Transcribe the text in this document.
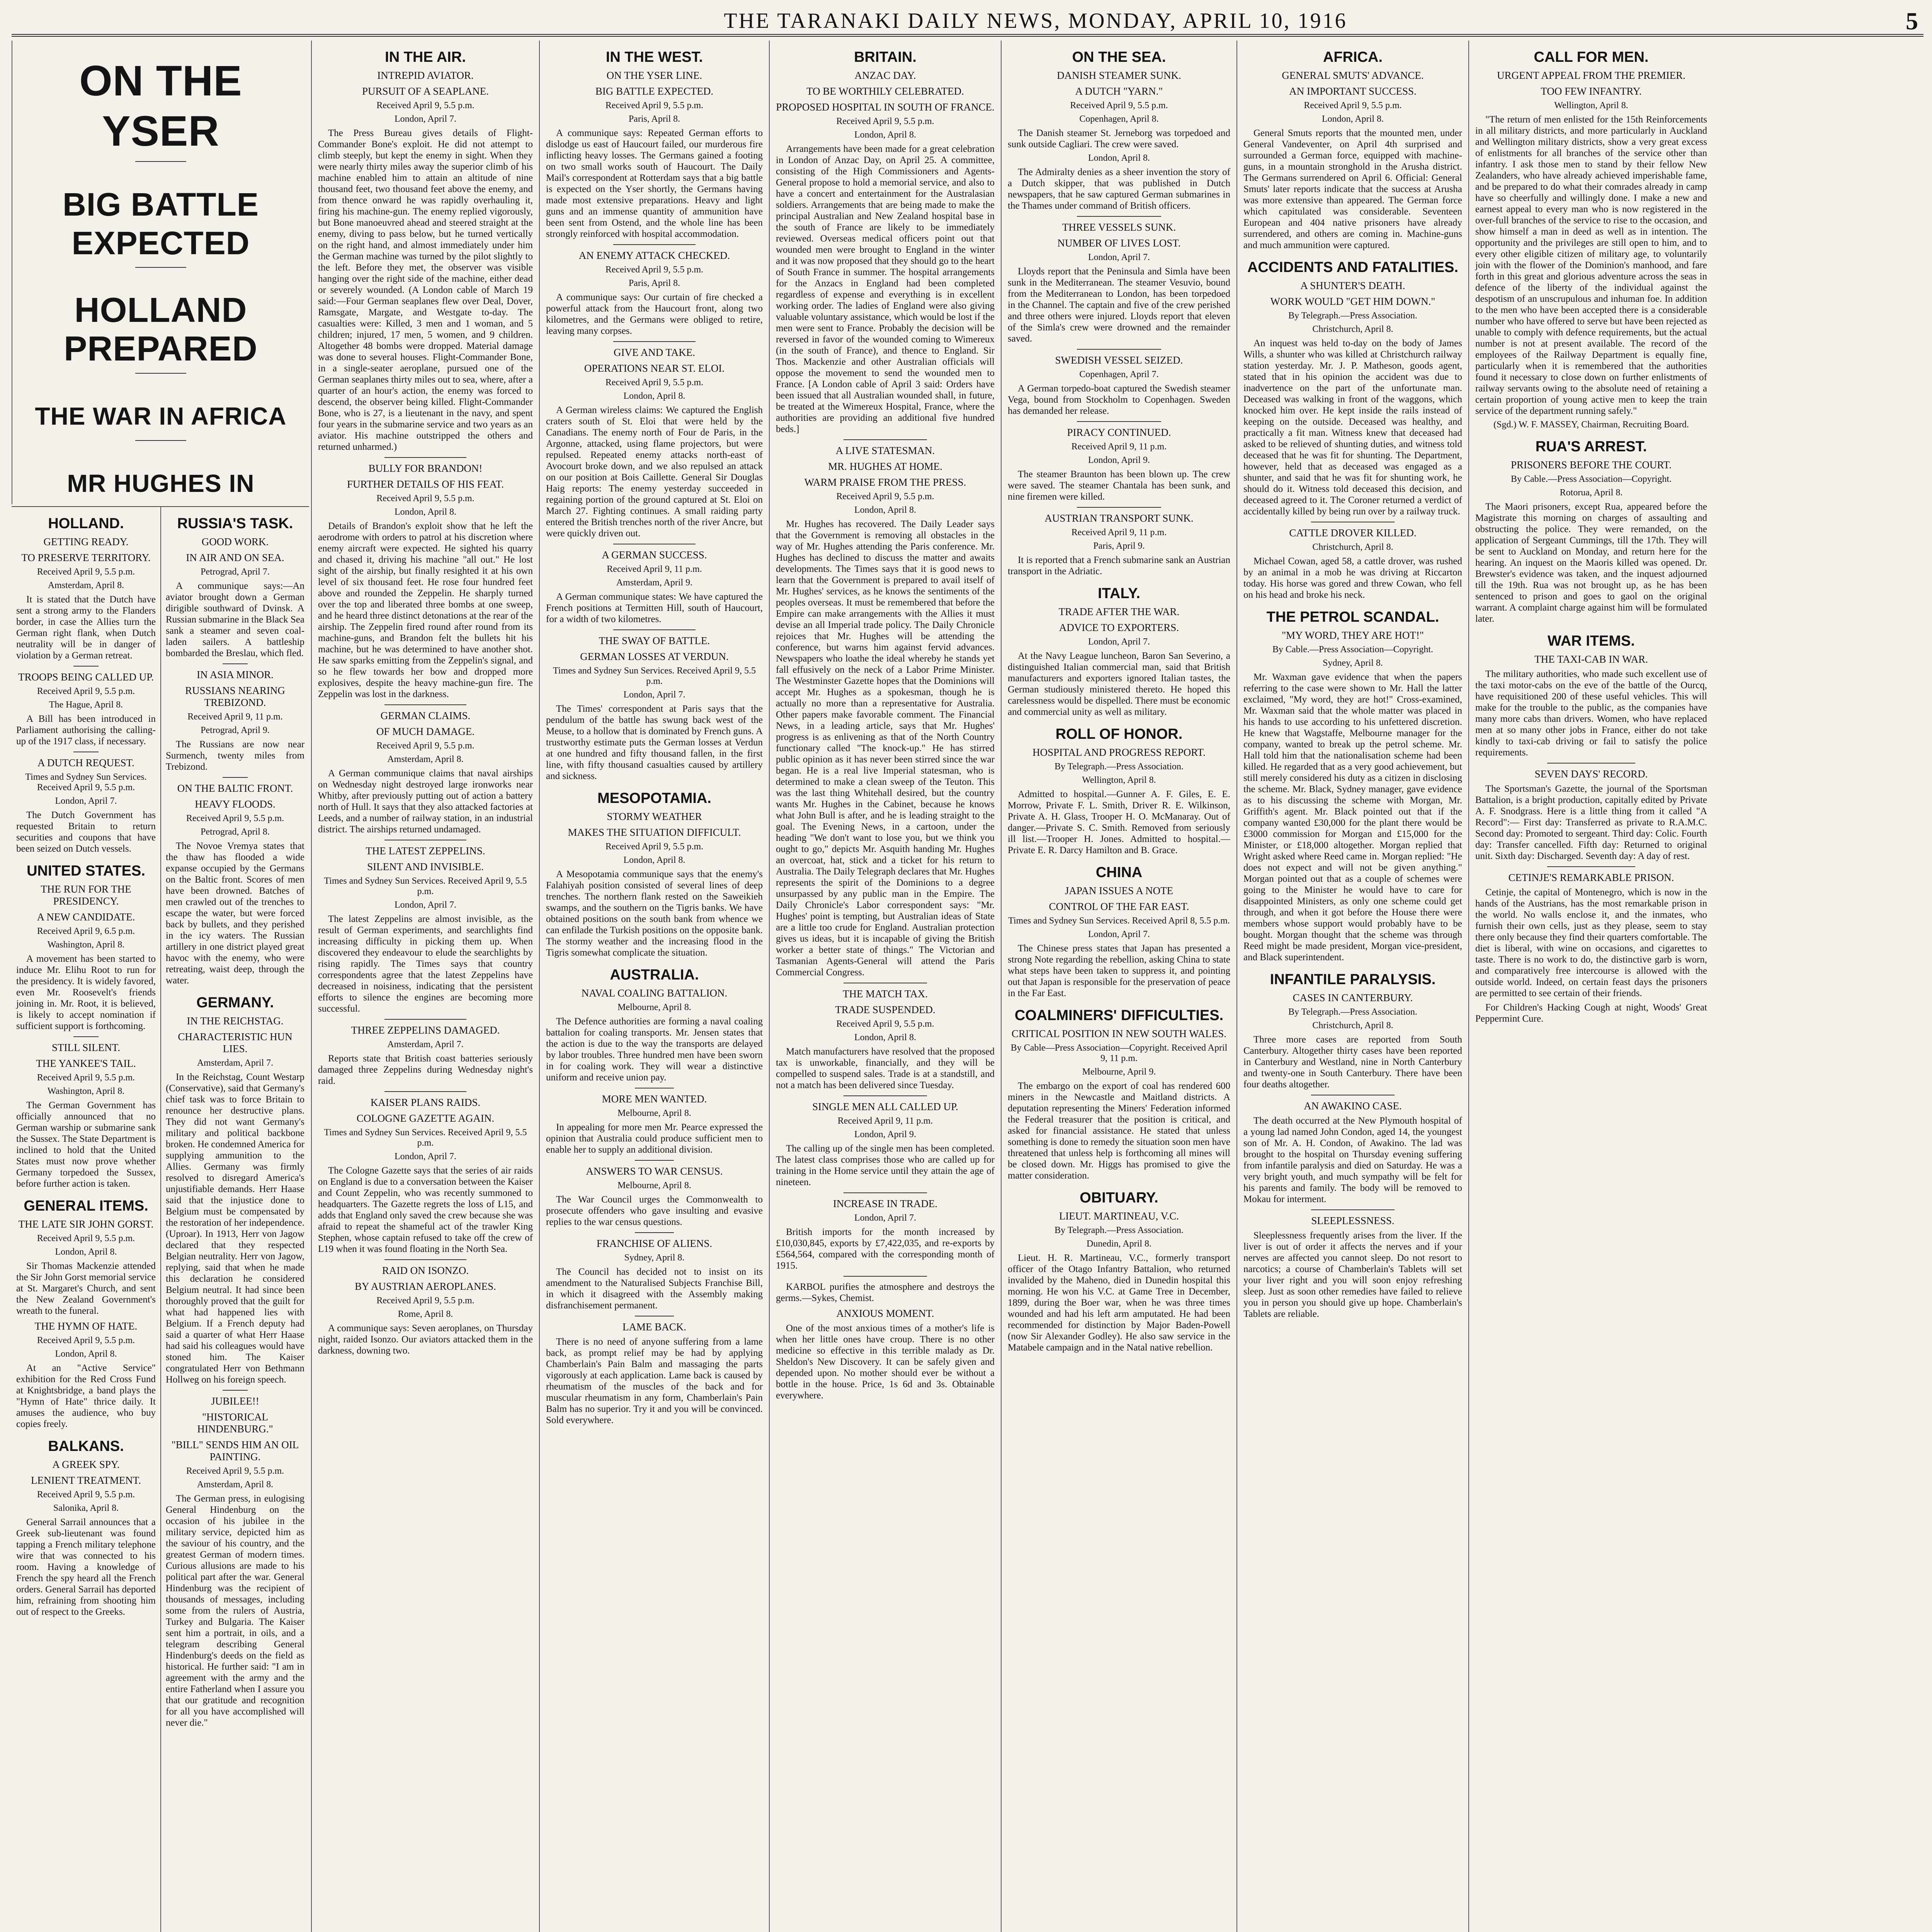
THE TARANAKI DAILY NEWS, MONDAY, APRIL 10, 1916	5
ON THE YSER
BIG BATTLE EXPECTED
HOLLAND PREPARED
THE WAR IN AFRICA
MR HUGHES IN
HOLLAND.
GETTING READY.
TO PRESERVE TERRITORY.
Received April 9, 5.5 p.m.
Amsterdam, April 8.

It is stated that the Dutch have sent a strong army to the Flanders border, in case the Allies turn the German right flank, when Dutch neutrality will be in danger of violation by a German retreat.

TROOPS BEING CALLED UP.
Received April 9, 5.5 p.m.
The Hague, April 8.

A Bill has been introduced in Parliament authorising the calling-up of the 1917 class, if necessary.

A DUTCH REQUEST.
Times and Sydney Sun Services. Received April 9, 5.5 p.m.
London, April 7.

The Dutch Government has requested Britain to return securities and coupons that have been seized on Dutch vessels.

UNITED STATES.
THE RUN FOR THE PRESIDENCY.
A NEW CANDIDATE.
Received April 9, 6.5 p.m.
Washington, April 8.

A movement has been started to induce Mr. Elihu Root to run for the presidency. It is widely favored, even Mr. Roosevelt's friends joining in. Mr. Root, it is believed, is likely to accept nomination if sufficient support is forthcoming.

STILL SILENT.
THE YANKEE'S TAIL.
Received April 9, 5.5 p.m.
Washington, April 8.

The German Government has officially announced that no German warship or submarine sank the Sussex. The State Department is inclined to hold that the United States must now prove whether Germany torpedoed the Sussex, before further action is taken.

GENERAL ITEMS.
THE LATE SIR JOHN GORST.
Received April 9, 5.5 p.m.
London, April 8.

Sir Thomas Mackenzie attended the Sir John Gorst memorial service at St. Margaret's Church, and sent the New Zealand Government's wreath to the funeral.

THE HYMN OF HATE.
Received April 9, 5.5 p.m.
London, April 8.

At an "Active Service" exhibition for the Red Cross Fund at Knightsbridge, a band plays the "Hymn of Hate" thrice daily. It amuses the audience, who buy copies freely.

BALKANS.
A GREEK SPY.
LENIENT TREATMENT.
Received April 9, 5.5 p.m.
Salonika, April 8.

General Sarrail announces that a Greek sub-lieutenant was found tapping a French military telephone wire that was connected to his room. Having a knowledge of French the spy heard all the French orders. General Sarrail has deported him, refraining from shooting him out of respect to the Greeks.

RUSSIA'S TASK.
GOOD WORK.
IN AIR AND ON SEA.
Petrograd, April 7.

A communique says:—An aviator brought down a German dirigible southward of Dvinsk. A Russian submarine in the Black Sea sank a steamer and seven coal-laden sailers. A battleship bombarded the Breslau, which fled.

IN ASIA MINOR.
RUSSIANS NEARING TREBIZOND.
Received April 9, 11 p.m.
Petrograd, April 9.

The Russians are now near Surmench, twenty miles from Trebizond.

ON THE BALTIC FRONT.
HEAVY FLOODS.
Received April 9, 5.5 p.m.
Petrograd, April 8.

The Novoe Vremya states that the thaw has flooded a wide expanse occupied by the Germans on the Baltic front. Scores of men have been drowned. Batches of men crawled out of the trenches to escape the water, but were forced back by bullets, and they perished in the icy waters. The Russian artillery in one district played great havoc with the enemy, who were retreating, waist deep, through the water.

GERMANY.
IN THE REICHSTAG.
CHARACTERISTIC HUN LIES.
Amsterdam, April 7.

In the Reichstag, Count Westarp (Conservative), said that Germany's chief task was to force Britain to renounce her destructive plans. They did not want Germany's military and political backbone broken. He condemned America for supplying ammunition to the Allies. Germany was firmly resolved to disregard America's unjustifiable demands. Herr Haase said that the injustice done to Belgium must be compensated by the restoration of her independence. (Uproar). In 1913, Herr von Jagow declared that they respected Belgian neutrality. Herr von Jagow, replying, said that when he made this declaration he considered Belgium neutral. It had since been thoroughly proved that the guilt for what had happened lies with Belgium. If a French deputy had said a quarter of what Herr Haase had said his colleagues would have stoned him. The Kaiser congratulated Herr von Bethmann Hollweg on his foreign speech.

JUBILEE!!
"HISTORICAL HINDENBURG."
"BILL" SENDS HIM AN OIL PAINTING.
Received April 9, 5.5 p.m.
Amsterdam, April 8.

The German press, in eulogising General Hindenburg on the occasion of his jubilee in the military service, depicted him as the saviour of his country, and the greatest German of modern times. Curious allusions are made to his political part after the war. General Hindenburg was the recipient of thousands of messages, including some from the rulers of Austria, Turkey and Bulgaria. The Kaiser sent him a portrait, in oils, and a telegram describing General Hindenburg's deeds on the field as historical. He further said: "I am in agreement with the army and the entire Fatherland when I assure you that our gratitude and recognition for all you have accomplished will never die."

IN THE AIR.
INTREPID AVIATOR.
PURSUIT OF A SEAPLANE.
Received April 9, 5.5 p.m.
London, April 7.

The Press Bureau gives details of Flight-Commander Bone's exploit. He did not attempt to climb steeply, but kept the enemy in sight. When they were nearly thirty miles away the superior climb of his machine enabled him to attain an altitude of nine thousand feet, two thousand feet above the enemy, and from thence onward he was rapidly overhauling it, firing his machine-gun. The enemy replied vigorously, but Bone manoeuvred ahead and steered straight at the enemy, diving to pass below, but he turned vertically on the right hand, and almost immediately under him the German machine was turned by the pilot slightly to the left. Before they met, the observer was visible hanging over the right side of the machine, either dead or severely wounded. (A London cable of March 19 said:—Four German seaplanes flew over Deal, Dover, Ramsgate, Margate, and Westgate to-day. The casualties were: Killed, 3 men and 1 woman, and 5 children; injured, 17 men, 5 women, and 9 children. Altogether 48 bombs were dropped. Material damage was done to several houses. Flight-Commander Bone, in a single-seater aeroplane, pursued one of the German seaplanes thirty miles out to sea, where, after a quarter of an hour's action, the enemy was forced to descend, the observer being killed. Flight-Commander Bone, who is 27, is a lieutenant in the navy, and spent four years in the submarine service and two years as an aviator. His machine outstripped the others and returned unharmed.)

BULLY FOR BRANDON!
FURTHER DETAILS OF HIS FEAT.
Received April 9, 5.5 p.m.
London, April 8.

Details of Brandon's exploit show that he left the aerodrome with orders to patrol at his discretion where enemy aircraft were expected. He sighted his quarry and chased it, driving his machine "all out." He lost sight of the airship, but finally resighted it at his own level of six thousand feet. He rose four hundred feet above and rounded the Zeppelin. He sharply turned over the top and liberated three bombs at one sweep, and he heard three distinct detonations at the rear of the airship. The Zeppelin fired round after round from its machine-guns, and Brandon felt the bullets hit his machine, but he was determined to have another shot. He saw sparks emitting from the Zeppelin's signal, and so he flew towards her bow and dropped more explosives, despite the heavy machine-gun fire. The Zeppelin was lost in the darkness.

GERMAN CLAIMS.
OF MUCH DAMAGE.
Received April 9, 5.5 p.m.
Amsterdam, April 8.

A German communique claims that naval airships on Wednesday night destroyed large ironworks near Whitby, after previously putting out of action a battery north of Hull. It says that they also attacked factories at Leeds, and a number of railway station, in an industrial district. The airships returned undamaged.

THE LATEST ZEPPELINS.
SILENT AND INVISIBLE.
Times and Sydney Sun Services. Received April 9, 5.5 p.m.
London, April 7.

The latest Zeppelins are almost invisible, as the result of German experiments, and searchlights find increasing difficulty in picking them up. When discovered they endeavour to elude the searchlights by rising rapidly. The Times says that country correspondents agree that the latest Zeppelins have decreased in noisiness, indicating that the persistent efforts to silence the engines are becoming more successful.

THREE ZEPPELINS DAMAGED.
Amsterdam, April 7.

Reports state that British coast batteries seriously damaged three Zeppelins during Wednesday night's raid.

KAISER PLANS RAIDS.
COLOGNE GAZETTE AGAIN.
Times and Sydney Sun Services. Received April 9, 5.5 p.m.
London, April 7.

The Cologne Gazette says that the series of air raids on England is due to a conversation between the Kaiser and Count Zeppelin, who was recently summoned to headquarters. The Gazette regrets the loss of L15, and adds that England only saved the crew because she was afraid to repeat the shameful act of the trawler King Stephen, whose captain refused to take off the crew of L19 when it was found floating in the North Sea.

RAID ON ISONZO.
BY AUSTRIAN AEROPLANES.
Received April 9, 5.5 p.m.
Rome, April 8.

A communique says: Seven aeroplanes, on Thursday night, raided Isonzo. Our aviators attacked them in the darkness, downing two.

IN THE WEST.
ON THE YSER LINE.
BIG BATTLE EXPECTED.
Received April 9, 5.5 p.m.
Paris, April 8.

A communique says: Repeated German efforts to dislodge us east of Haucourt failed, our murderous fire inflicting heavy losses. The Germans gained a footing on two small works south of Haucourt. The Daily Mail's correspondent at Rotterdam says that a big battle is expected on the Yser shortly, the Germans having made most extensive preparations. Heavy and light guns and an immense quantity of ammunition have been sent from Ostend, and the whole line has been strongly reinforced with hospital accommodation.

AN ENEMY ATTACK CHECKED.
Received April 9, 5.5 p.m.
Paris, April 8.

A communique says: Our curtain of fire checked a powerful attack from the Haucourt front, along two kilometres, and the Germans were obliged to retire, leaving many corpses.

GIVE AND TAKE.
OPERATIONS NEAR ST. ELOI.
Received April 9, 5.5 p.m.
London, April 8.

A German wireless claims: We captured the English craters south of St. Eloi that were held by the Canadians. The enemy north of Four de Paris, in the Argonne, attacked, using flame projectors, but were repulsed. Repeated enemy attacks north-east of Avocourt broke down, and we also repulsed an attack on our position at Bois Caillette. General Sir Douglas Haig reports: The enemy yesterday succeeded in regaining portion of the ground captured at St. Eloi on March 27. Fighting continues. A small raiding party entered the British trenches north of the river Ancre, but were quickly driven out.

A GERMAN SUCCESS.
Received April 9, 11 p.m.
Amsterdam, April 9.

A German communique states: We have captured the French positions at Termitten Hill, south of Haucourt, for a width of two kilometres.

THE SWAY OF BATTLE.
GERMAN LOSSES AT VERDUN.
Times and Sydney Sun Services. Received April 9, 5.5 p.m.
London, April 7.

The Times' correspondent at Paris says that the pendulum of the battle has swung back west of the Meuse, to a hollow that is dominated by French guns. A trustworthy estimate puts the German losses at Verdun at one hundred and fifty thousand fallen, in the first line, with fifty thousand casualties caused by artillery and sickness.

MESOPOTAMIA.
STORMY WEATHER
MAKES THE SITUATION DIFFICULT.
Received April 9, 5.5 p.m.
London, April 8.

A Mesopotamia communique says that the enemy's Falahiyah position consisted of several lines of deep trenches. The northern flank rested on the Saweikieh swamps, and the southern on the Tigris banks. We have obtained positions on the south bank from whence we can enfilade the Turkish positions on the opposite bank. The stormy weather and the increasing flood in the Tigris somewhat complicate the situation.

AUSTRALIA.
NAVAL COALING BATTALION.
Melbourne, April 8.

The Defence authorities are forming a naval coaling battalion for coaling transports. Mr. Jensen states that the action is due to the way the transports are delayed by labor troubles. Three hundred men have been sworn in for coaling work. They will wear a distinctive uniform and receive union pay.

MORE MEN WANTED.
Melbourne, April 8.

In appealing for more men Mr. Pearce expressed the opinion that Australia could produce sufficient men to enable her to supply an additional division.

ANSWERS TO WAR CENSUS.
Melbourne, April 8.

The War Council urges the Commonwealth to prosecute offenders who gave insulting and evasive replies to the war census questions.

FRANCHISE OF ALIENS.
Sydney, April 8.

The Council has decided not to insist on its amendment to the Naturalised Subjects Franchise Bill, in which it disagreed with the Assembly making disfranchisement permanent.

LAME BACK.

There is no need of anyone suffering from a lame back, as prompt relief may be had by applying Chamberlain's Pain Balm and massaging the parts vigorously at each application. Lame back is caused by rheumatism of the muscles of the back and for muscular rheumatism in any form, Chamberlain's Pain Balm has no superior. Try it and you will be convinced. Sold everywhere.

BRITAIN.
ANZAC DAY.
TO BE WORTHILY CELEBRATED.
PROPOSED HOSPITAL IN SOUTH OF FRANCE.
Received April 9, 5.5 p.m.
London, April 8.

Arrangements have been made for a great celebration in London of Anzac Day, on April 25. A committee, consisting of the High Commissioners and Agents-General propose to hold a memorial service, and also to have a concert and entertainment for the Australasian soldiers. Arrangements that are being made to make the principal Australian and New Zealand hospital base in the south of France are likely to be immediately reviewed. Overseas medical officers point out that wounded men were brought to England in the winter and it was now proposed that they should go to the heart of South France in summer. The hospital arrangements for the Anzacs in England had been completed regardless of expense and everything is in excellent working order. The ladies of England were also giving valuable voluntary assistance, which would be lost if the men were sent to France. Probably the decision will be reversed in favor of the wounded coming to Wimereux (in the south of France), and thence to England. Sir Thos. Mackenzie and other Australian officials will oppose the movement to send the wounded men to France. [A London cable of April 3 said: Orders have been issued that all Australian wounded shall, in future, be treated at the Wimereux Hospital, France, where the authorities are providing an additional five hundred beds.]

A LIVE STATESMAN.
MR. HUGHES AT HOME.
WARM PRAISE FROM THE PRESS.
Received April 9, 5.5 p.m.
London, April 8.

Mr. Hughes has recovered. The Daily Leader says that the Government is removing all obstacles in the way of Mr. Hughes attending the Paris conference. Mr. Hughes has declined to discuss the matter and awaits developments. The Times says that it is good news to learn that the Government is prepared to avail itself of Mr. Hughes' services, as he knows the sentiments of the peoples overseas. It must be remembered that before the Empire can make arrangements with the Allies it must devise an all Imperial trade policy. The Daily Chronicle rejoices that Mr. Hughes will be attending the conference, but warns him against fervid advances. Newspapers who loathe the ideal whereby he stands yet fall effusively on the neck of a Labor Prime Minister. The Westminster Gazette hopes that the Dominions will accept Mr. Hughes as a spokesman, though he is actually no more than a representative for Australia. Other papers make favorable comment. The Financial News, in a leading article, says that Mr. Hughes' progress is as enlivening as that of the North Country functionary called "The knock-up." He has stirred public opinion as it has never been stirred since the war began. He is a real live Imperial statesman, who is determined to make a clean sweep of the Teuton. This was the last thing Whitehall desired, but the country wants Mr. Hughes in the Cabinet, because he knows what John Bull is after, and he is leading straight to the goal. The Evening News, in a cartoon, under the heading "We don't want to lose you, but we think you ought to go," depicts Mr. Asquith handing Mr. Hughes an overcoat, hat, stick and a ticket for his return to Australia. The Daily Telegraph declares that Mr. Hughes represents the spirit of the Dominions to a degree unsurpassed by any public man in the Empire. The Daily Chronicle's Labor correspondent says: "Mr. Hughes' point is tempting, but Australian ideas of State are a little too crude for England. Australian protection gives us ideas, but it is incapable of giving the British worker a better state of things." The Victorian and Tasmanian Agents-General will attend the Paris Commercial Congress.

THE MATCH TAX.
TRADE SUSPENDED.
Received April 9, 5.5 p.m.
London, April 8.

Match manufacturers have resolved that the proposed tax is unworkable, financially, and they will be compelled to suspend sales. Trade is at a standstill, and not a match has been delivered since Tuesday.

SINGLE MEN ALL CALLED UP.
Received April 9, 11 p.m.
London, April 9.

The calling up of the single men has been completed. The latest class comprises those who are called up for training in the Home service until they attain the age of nineteen.

INCREASE IN TRADE.
London, April 7.

British imports for the month increased by £10,030,845, exports by £7,422,035, and re-exports by £564,564, compared with the corresponding month of 1915.

KARBOL purifies the atmosphere and destroys the germs.—Sykes, Chemist.

ANXIOUS MOMENT.

One of the most anxious times of a mother's life is when her little ones have croup. There is no other medicine so effective in this terrible malady as Dr. Sheldon's New Discovery. It can be safely given and depended upon. No mother should ever be without a bottle in the house. Price, 1s 6d and 3s. Obtainable everywhere.

ON THE SEA.
DANISH STEAMER SUNK.
A DUTCH "YARN."
Received April 9, 5.5 p.m.
Copenhagen, April 8.

The Danish steamer St. Jerneborg was torpedoed and sunk outside Cagliari. The crew were saved.

London, April 8.

The Admiralty denies as a sheer invention the story of a Dutch skipper, that was published in Dutch newspapers, that he saw captured German submarines in the Thames under command of British officers.

THREE VESSELS SUNK.
NUMBER OF LIVES LOST.
London, April 7.

Lloyds report that the Peninsula and Simla have been sunk in the Mediterranean. The steamer Vesuvio, bound from the Mediterranean to London, has been torpedoed in the Channel. The captain and five of the crew perished and three others were injured. Lloyds report that eleven of the Simla's crew were drowned and the remainder saved.

SWEDISH VESSEL SEIZED.
Copenhagen, April 7.

A German torpedo-boat captured the Swedish steamer Vega, bound from Stockholm to Copenhagen. Sweden has demanded her release.

PIRACY CONTINUED.
Received April 9, 11 p.m.
London, April 9.

The steamer Braunton has been blown up. The crew were saved. The steamer Chantala has been sunk, and nine firemen were killed.

AUSTRIAN TRANSPORT SUNK.
Received April 9, 11 p.m.
Paris, April 9.

It is reported that a French submarine sank an Austrian transport in the Adriatic.

ITALY.
TRADE AFTER THE WAR.
ADVICE TO EXPORTERS.
London, April 7.

At the Navy League luncheon, Baron San Severino, a distinguished Italian commercial man, said that British manufacturers and exporters ignored Italian tastes, the German studiously ministered thereto. He hoped this carelessness would be dispelled. There must be economic and commercial unity as well as military.

ROLL OF HONOR.
HOSPITAL AND PROGRESS REPORT.
By Telegraph.—Press Association.
Wellington, April 8.

Admitted to hospital.—Gunner A. F. Giles, E. E. Morrow, Private F. L. Smith, Driver R. E. Wilkinson, Private A. H. Glass, Trooper H. O. McManaray. Out of danger.—Private S. C. Smith. Removed from seriously ill list.—Trooper H. Jones. Admitted to hospital.—Private E. R. Darcy Hamilton and B. Grace.

CHINA
JAPAN ISSUES A NOTE
CONTROL OF THE FAR EAST.
Times and Sydney Sun Services. Received April 8, 5.5 p.m.
London, April 7.

The Chinese press states that Japan has presented a strong Note regarding the rebellion, asking China to state what steps have been taken to suppress it, and pointing out that Japan is responsible for the preservation of peace in the Far East.

COALMINERS' DIFFICULTIES.
CRITICAL POSITION IN NEW SOUTH WALES.
By Cable—Press Association—Copyright. Received April 9, 11 p.m.
Melbourne, April 9.

The embargo on the export of coal has rendered 600 miners in the Newcastle and Maitland districts. A deputation representing the Miners' Federation informed the Federal treasurer that the position is critical, and asked for financial assistance. He stated that unless something is done to remedy the situation soon men have threatened that unless help is forthcoming all mines will be closed down. Mr. Higgs has promised to give the matter consideration.

OBITUARY.
LIEUT. MARTINEAU, V.C.
By Telegraph.—Press Association.
Dunedin, April 8.

Lieut. H. R. Martineau, V.C., formerly transport officer of the Otago Infantry Battalion, who returned invalided by the Maheno, died in Dunedin hospital this morning. He won his V.C. at Game Tree in December, 1899, during the Boer war, when he was three times wounded and had his left arm amputated. He had been recommended for distinction by Major Baden-Powell (now Sir Alexander Godley). He also saw service in the Matabele campaign and in the Natal native rebellion.

AFRICA.
GENERAL SMUTS' ADVANCE.
AN IMPORTANT SUCCESS.
Received April 9, 5.5 p.m.
London, April 8.

General Smuts reports that the mounted men, under General Vandeventer, on April 4th surprised and surrounded a German force, equipped with machine-guns, in a mountain stronghold in the Arusha district. The Germans surrendered on April 6. Official: General Smuts' later reports indicate that the success at Arusha was more extensive than appeared. The German force which capitulated was considerable. Seventeen European and 404 native prisoners have already surrendered, and others are coming in. Machine-guns and much ammunition were captured.

ACCIDENTS AND FATALITIES.
A SHUNTER'S DEATH.
WORK WOULD "GET HIM DOWN."
By Telegraph.—Press Association.
Christchurch, April 8.

An inquest was held to-day on the body of James Wills, a shunter who was killed at Christchurch railway station yesterday. Mr. J. P. Matheson, goods agent, stated that in his opinion the accident was due to inadvertence on the part of the unfortunate man. Deceased was walking in front of the waggons, which knocked him over. He kept inside the rails instead of keeping on the outside. Deceased was healthy, and practically a fit man. Witness knew that deceased had asked to be relieved of shunting duties, and witness told deceased that he was fit for shunting. The Department, however, held that as deceased was engaged as a shunter, and said that he was fit for shunting work, he should do it. Witness told deceased this decision, and deceased agreed to it. The Coroner returned a verdict of accidentally killed by being run over by a railway truck.

CATTLE DROVER KILLED.
Christchurch, April 8.

Michael Cowan, aged 58, a cattle drover, was rushed by an animal in a mob he was driving at Riccarton today. His horse was gored and threw Cowan, who fell on his head and broke his neck.

THE PETROL SCANDAL.
"MY WORD, THEY ARE HOT!"
By Cable.—Press Association—Copyright.
Sydney, April 8.

Mr. Waxman gave evidence that when the papers referring to the case were shown to Mr. Hall the latter exclaimed, "My word, they are hot!" Cross-examined, Mr. Waxman said that the whole matter was placed in his hands to use according to his unfettered discretion. He knew that Wagstaffe, Melbourne manager for the company, wanted to break up the petrol scheme. Mr. Hall told him that the nationalisation scheme had been killed. He regarded that as a very good achievement, but still merely considered his duty as a citizen in disclosing the scheme. Mr. Black, Sydney manager, gave evidence as to his discussing the scheme with Morgan, Mr. Griffith's agent. Mr. Black pointed out that if the company wanted £30,000 for the plant there would be £3000 commission for Morgan and £15,000 for the Minister, or £18,000 altogether. Morgan replied that Wright asked where Reed came in. Morgan replied: "He does not expect and will not be given anything." Morgan pointed out that as a couple of schemes were going to the Minister he would have to care for disappointed Ministers, as only one scheme could get through, and when it got before the House there were members whose support would probably have to be bought. Morgan thought that the scheme was through Reed might be made president, Morgan vice-president, and Black superintendent.

INFANTILE PARALYSIS.
CASES IN CANTERBURY.
By Telegraph.—Press Association.
Christchurch, April 8.

Three more cases are reported from South Canterbury. Altogether thirty cases have been reported in Canterbury and Westland, nine in North Canterbury and twenty-one in South Canterbury. There have been four deaths altogether.

AN AWAKINO CASE.

The death occurred at the New Plymouth hospital of a young lad named John Condon, aged 14, the youngest son of Mr. A. H. Condon, of Awakino. The lad was brought to the hospital on Thursday evening suffering from infantile paralysis and died on Saturday. He was a very bright youth, and much sympathy will be felt for his parents and family. The body will be removed to Mokau for interment.

SLEEPLESSNESS.

Sleeplessness frequently arises from the liver. If the liver is out of order it affects the nerves and if your nerves are affected you cannot sleep. Do not resort to narcotics; a course of Chamberlain's Tablets will set your liver right and you will soon enjoy refreshing sleep. Just as soon other remedies have failed to relieve you in person you should give up hope. Chamberlain's Tablets are reliable.

CALL FOR MEN.
URGENT APPEAL FROM THE PREMIER.
TOO FEW INFANTRY.
Wellington, April 8.

"The return of men enlisted for the 15th Reinforcements in all military districts, and more particularly in Auckland and Wellington military districts, show a very great excess of enlistments for all branches of the service other than infantry. I ask those men to stand by their fellow New Zealanders, who have already achieved imperishable fame, and be prepared to do what their comrades already in camp have so cheerfully and willingly done. I make a new and earnest appeal to every man who is now registered in the over-full branches of the service to rise to the occasion, and show himself a man in deed as well as in intention. The opportunity and the privileges are still open to him, and to every other eligible citizen of military age, to voluntarily join with the flower of the Dominion's manhood, and fare forth in this great and glorious adventure across the seas in defence of the liberty of the individual against the despotism of an unscrupulous and inhuman foe. In addition to the men who have been accepted there is a considerable number who have offered to serve but have been rejected as unable to comply with defence requirements, but the actual number is not at present available. The record of the employees of the Railway Department is equally fine, particularly when it is remembered that the authorities found it necessary to close down on further enlistments of railway servants owing to the absolute need of retaining a certain proportion of young active men to keep the train service of the department running safely."

(Sgd.) W. F. MASSEY, Chairman, Recruiting Board.
RUA'S ARREST.
PRISONERS BEFORE THE COURT.
By Cable.—Press Association—Copyright.
Rotorua, April 8.

The Maori prisoners, except Rua, appeared before the Magistrate this morning on charges of assaulting and obstructing the police. They were remanded, on the application of Sergeant Cummings, till the 17th. They will be sent to Auckland on Monday, and return here for the hearing. An inquest on the Maoris killed was opened. Dr. Brewster's evidence was taken, and the inquest adjourned till the 19th. Rua was not brought up, as he has been sentenced to prison and goes to gaol on the original warrant. A complaint charge against him will be formulated later.

WAR ITEMS.
THE TAXI-CAB IN WAR.

The military authorities, who made such excellent use of the taxi motor-cabs on the eve of the battle of the Ourcq, have requisitioned 200 of these useful vehicles. This will make for the trouble to the public, as the companies have many more cabs than drivers. Women, who have replaced men at so many other jobs in France, either do not take kindly to taxi-cab driving or fail to satisfy the police requirements.

SEVEN DAYS' RECORD.

The Sportsman's Gazette, the journal of the Sportsman Battalion, is a bright production, capitally edited by Private A. F. Snodgrass. Here is a little thing from it called "A Record":— First day: Transferred as private to R.A.M.C. Second day: Promoted to sergeant. Third day: Colic. Fourth day: Transfer cancelled. Fifth day: Returned to original unit. Sixth day: Discharged. Seventh day: A day of rest.

CETINJE'S REMARKABLE PRISON.

Cetinje, the capital of Montenegro, which is now in the hands of the Austrians, has the most remarkable prison in the world. No walls enclose it, and the inmates, who furnish their own cells, just as they please, seem to stay there only because they find their quarters comfortable. The diet is liberal, with wine on occasions, and cigarettes to taste. There is no work to do, the distinctive garb is worn, and comparatively free intercourse is allowed with the outside world. Indeed, on certain feast days the prisoners are permitted to see certain of their friends.

For Children's Hacking Cough at night, Woods' Great Peppermint Cure.
